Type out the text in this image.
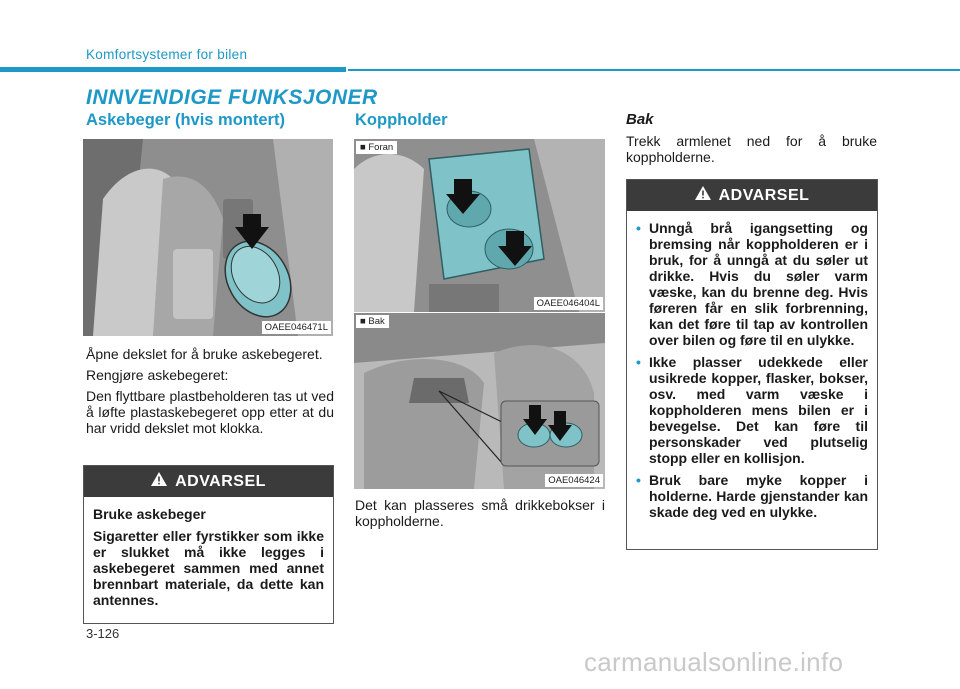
Komfortsystemer for bilen
INNVENDIGE FUNKSJONER
Askebeger (hvis montert)
OAEE046471L

Åpne dekslet for å bruke askebegeret.

Rengjøre askebegeret:

Den flyttbare plastbeholderen tas ut ved å løfte plastaskebegeret opp etter at du har vridd dekslet mot klokka.

ADVARSEL

Bruke askebeger

Sigaretter eller fyrstikker som ikke er slukket må ikke legges i askebegeret sammen med annet brennbart materiale, da dette kan antennes.

Koppholder
■ Foran
OAEE046404L
■ Bak
OAE046424

Det kan plasseres små drikkebokser i koppholderne.

Bak

Trekk armlenet ned for å bruke koppholderne.

ADVARSEL
• Unngå brå igangsetting og bremsing når koppholderen er i bruk, for å unngå at du søler ut drikke. Hvis du søler varm væske, kan du brenne deg. Hvis føreren får en slik forbrenning, kan det føre til tap av kontrollen over bilen og føre til en ulykke.
• Ikke plasser udekkede eller usikrede kopper, flasker, bokser, osv. med varm væske i koppholderen mens bilen er i bevegelse. Det kan føre til personskader ved plutselig stopp eller en kollisjon.
• Bruk bare myke kopper i holderne. Harde gjenstander kan skade deg ved en ulykke.
3-126
carmanualsonline.info
